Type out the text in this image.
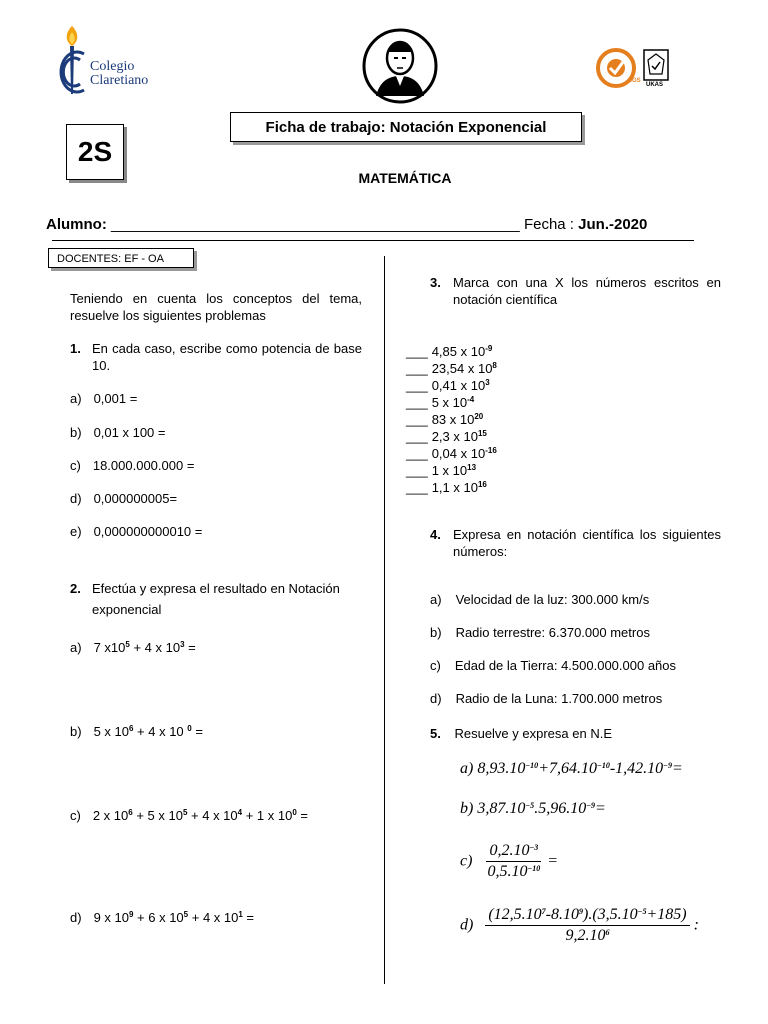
Colegio
Claretiano	SGS
UKAS
2S
Ficha de trabajo: Notación Exponencial
MATEMÁTICA
Alumno: _________________________________________________ Fecha : Jun.-2020
DOCENTES: EF - OA
Teniendo en cuenta los conceptos del tema, resuelve los siguientes problemas
1. En cada caso, escribe como potencia de base 10.
2. Efectúa y expresa el resultado en Notación
exponencial
3. Marca con una X los números escritos en notación científica
4. Expresa en notación científica los siguientes números:
5. Resuelve y expresa en N.E
a) $8,93.10^{-10}+7,64.10^{-10}-1,42.10^{-9}=$
b) $3,87.10^{-5}.5,96.10^{-9}=$
$c) \frac{0,2.10^{-3}}{0,5.10^{-10}}$ =
$d) \frac{(12,5.10^7-8.10^9).(3,5.10^{-5}+185)}{9,2.10^6}$ :
a) 0,001 =
b) 0,01 x 100 =
c) 18.000.000.000 =
d) 0,000000005=
e) 0,000000000010 =
a) 7 $x10^5 + 4$ x $10^3$ =
b) 5 x $10^6 + 4$ x 10 $^0$ =
c) 2 x $10^6 + 5$ x $10^5 + 4$ x $10^4 + 1$ x $10^0$ =
d) 9 x $10^9 + 6$ x $10^5 + 4$ x $10^1$ =
___ 4,85 x $10^{-9}$
___ 23,54 x $10^8$
___ 0,41 x $10^3$
___ 5 x $10^{-4}$
___ 83 x $10^{20}$
___ 2,3 x $10^{15}$
___ 0,04 x $10^{-16}$
___ 1 x $10^{13}$
___ 1,1 x $10^{16}$
a) Velocidad de la luz: 300.000 km/s
b) Radio terrestre: 6.370.000 metros
c) Edad de la Tierra: 4.500.000.000 años
d) Radio de la Luna: 1.700.000 metros
